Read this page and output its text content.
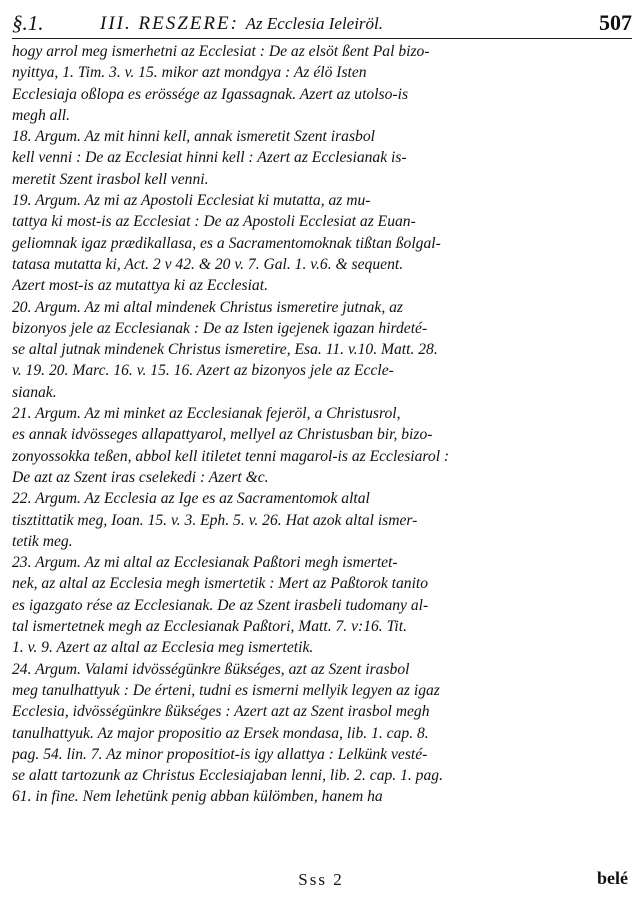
§.1.	III. RESZERE: Az Ecclesia Ieleiröl.	507
hogy arrol meg ismerhetni az Ecclesiat : De az elsöt ßent Pal bizo-
nyittya, 1. Tim. 3. v. 15. mikor azt mondgya : Az élö Isten
Ecclesiaja oßlopa es erössége az Igassagnak. Azert az utolso-is
megh all.
18. Argum. Az mit hinni kell, annak ismeretit Szent irasbol
kell venni : De az Ecclesiat hinni kell : Azert az Ecclesianak is-
meretit Szent irasbol kell venni.
19. Argum. Az mi az Apostoli Ecclesiat ki mutatta, az mu-
tattya ki most-is az Ecclesiat : De az Apostoli Ecclesiat az Euan-
geliomnak igaz prædikallasa, es a Sacramentomoknak tißtan ßolgal-
tatasa mutatta ki, Act. 2 v 42. & 20 v. 7. Gal. 1. v.6. & sequent.
Azert most-is az mutattya ki az Ecclesiat.
20. Argum. Az mi altal mindenek Christus ismeretire jutnak, az
bizonyos jele az Ecclesianak : De az Isten igejenek igazan hirdeté-
se altal jutnak mindenek Christus ismeretire, Esa. 11. v.10. Matt. 28.
v. 19. 20. Marc. 16. v. 15. 16. Azert az bizonyos jele az Eccle-
sianak.
21. Argum. Az mi minket az Ecclesianak fejeröl, a Christusrol,
es annak idvösseges allapattyarol, mellyel az Christusban bir, bizo-
zonyossokka teßen, abbol kell itiletet tenni magarol-is az Ecclesiarol :
De azt az Szent iras cselekedi : Azert &c.
22. Argum. Az Ecclesia az Ige es az Sacramentomok altal
tisztittatik meg, Ioan. 15. v. 3. Eph. 5. v. 26. Hat azok altal ismer-
tetik meg.
23. Argum. Az mi altal az Ecclesianak Paßtori megh ismertet-
nek, az altal az Ecclesia megh ismertetik : Mert az Paßtorok tanito
es igazgato rése az Ecclesianak. De az Szent irasbeli tudomany al-
tal ismertetnek megh az Ecclesianak Paßtori, Matt. 7. v:16. Tit.
1. v. 9. Azert az altal az Ecclesia meg ismertetik.
24. Argum. Valami idvösségünkre ßükséges, azt az Szent irasbol
meg tanulhattyuk : De érteni, tudni es ismerni mellyik legyen az igaz
Ecclesia, idvösségünkre ßükséges : Azert azt az Szent irasbol megh
tanulhattyuk. Az major propositio az Ersek mondasa, lib. 1. cap. 8.
pag. 54. lin. 7. Az minor propositiot-is igy allattya : Lelkünk vesté-
se alatt tartozunk az Christus Ecclesiajaban lenni, lib. 2. cap. 1. pag.
61. in fine. Nem lehetünk penig abban külömben, hanem ha
Sss 2	belé
